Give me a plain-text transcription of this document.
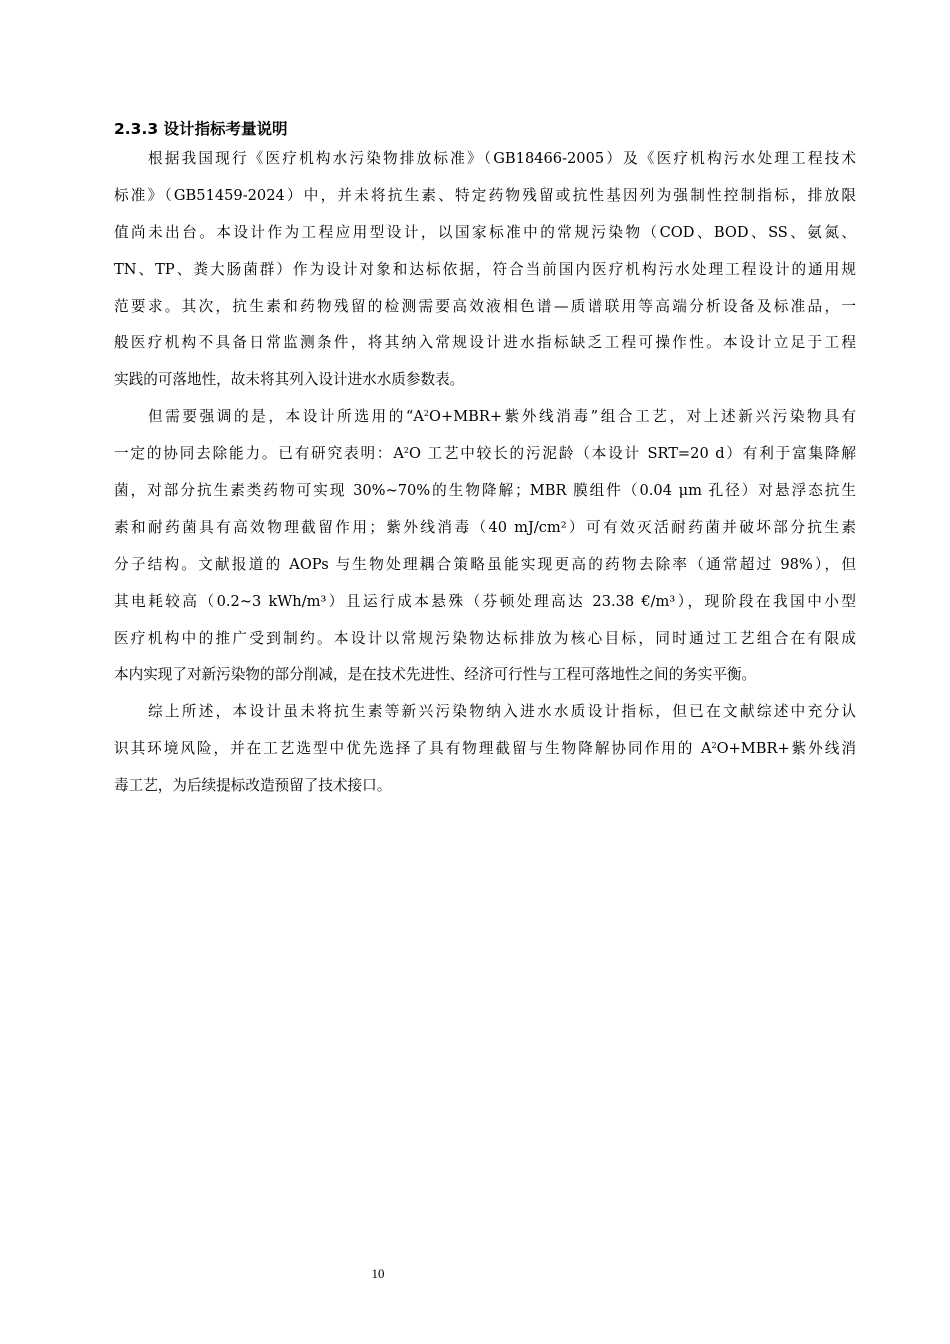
2.3.3 设计指标考量说明
根据我国现行《医疗机构水污染物排放标准》（GB18466-2005）及《医疗机构污水处理工程技术
标准》（GB51459-2024）中，并未将抗生素、特定药物残留或抗性基因列为强制性控制指标，排放限
值尚未出台。本设计作为工程应用型设计，以国家标准中的常规污染物（COD、BOD、SS、氨氮、
TN、TP、粪大肠菌群）作为设计对象和达标依据，符合当前国内医疗机构污水处理工程设计的通用规
范要求。其次，抗生素和药物残留的检测需要高效液相色谱—质谱联用等高端分析设备及标准品，一
般医疗机构不具备日常监测条件，将其纳入常规设计进水指标缺乏工程可操作性。本设计立足于工程
实践的可落地性，故未将其列入设计进水水质参数表。
但需要强调的是，本设计所选用的“$A^2O+MBR+$紫外线消毒”组合工艺，对上述新兴污染物具有
一定的协同去除能力。已有研究表明：$A^2O$ 工艺中较长的污泥龄（本设计 SRT=20 d）有利于富集降解
菌，对部分抗生素类药物可实现 30%~70%的生物降解；MBR 膜组件（0.04 μm 孔径）对悬浮态抗生
素和耐药菌具有高效物理截留作用；紫外线消毒（40 mJ/cm²）可有效灭活耐药菌并破坏部分抗生素
分子结构。文献报道的 AOPs 与生物处理耦合策略虽能实现更高的药物去除率（通常超过 98%），但
其电耗较高（0.2~3 kWh/m³）且运行成本悬殊（芬顿处理高达 23.38 €/m³），现阶段在我国中小型
医疗机构中的推广受到制约。本设计以常规污染物达标排放为核心目标，同时通过工艺组合在有限成
本内实现了对新污染物的部分削减，是在技术先进性、经济可行性与工程可落地性之间的务实平衡。
综上所述，本设计虽未将抗生素等新兴污染物纳入进水水质设计指标，但已在文献综述中充分认
识其环境风险，并在工艺选型中优先选择了具有物理截留与生物降解协同作用的 $A^2O+MBR+$紫外线消
毒工艺，为后续提标改造预留了技术接口。
10
